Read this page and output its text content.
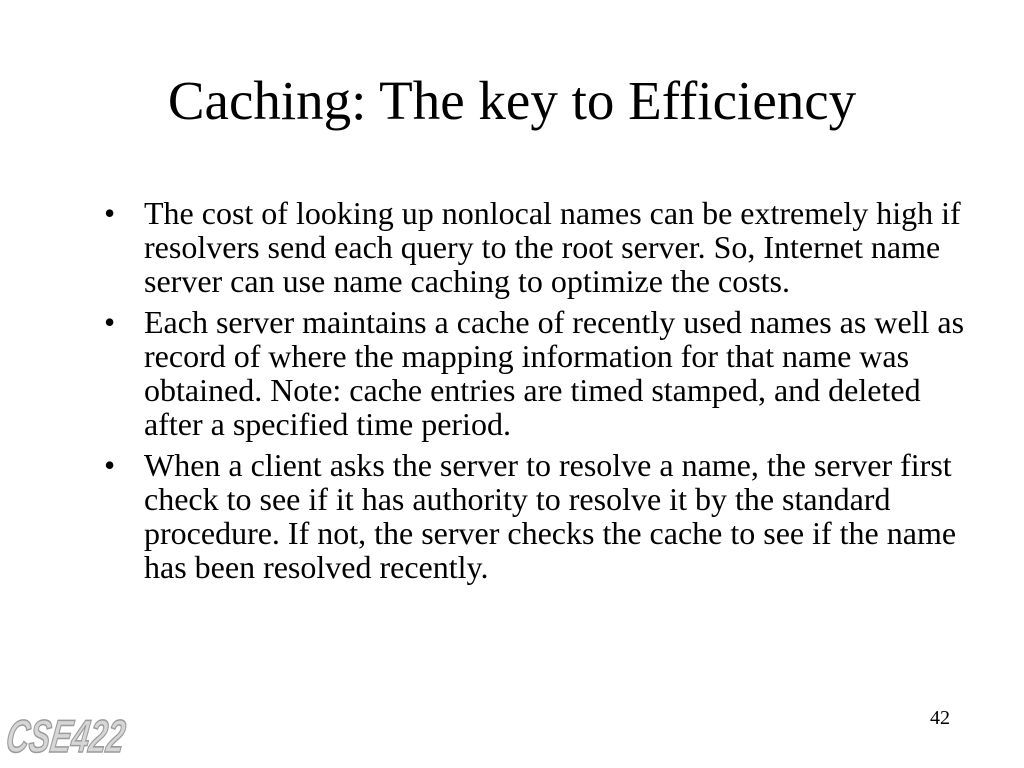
Caching: The key to Efficiency
• The cost of looking up nonlocal names can be extremely high if resolvers send each query to the root server. So, Internet name server can use name caching to optimize the costs.
• Each server maintains a cache of recently used names as well as record of where the mapping information for that name was obtained. Note: cache entries are timed stamped, and deleted after a specified time period.
• When a client asks the server to resolve a name, the server first check to see if it has authority to resolve it by the standard procedure. If not, the server checks the cache to see if the name has been resolved recently.
CSE422	42
